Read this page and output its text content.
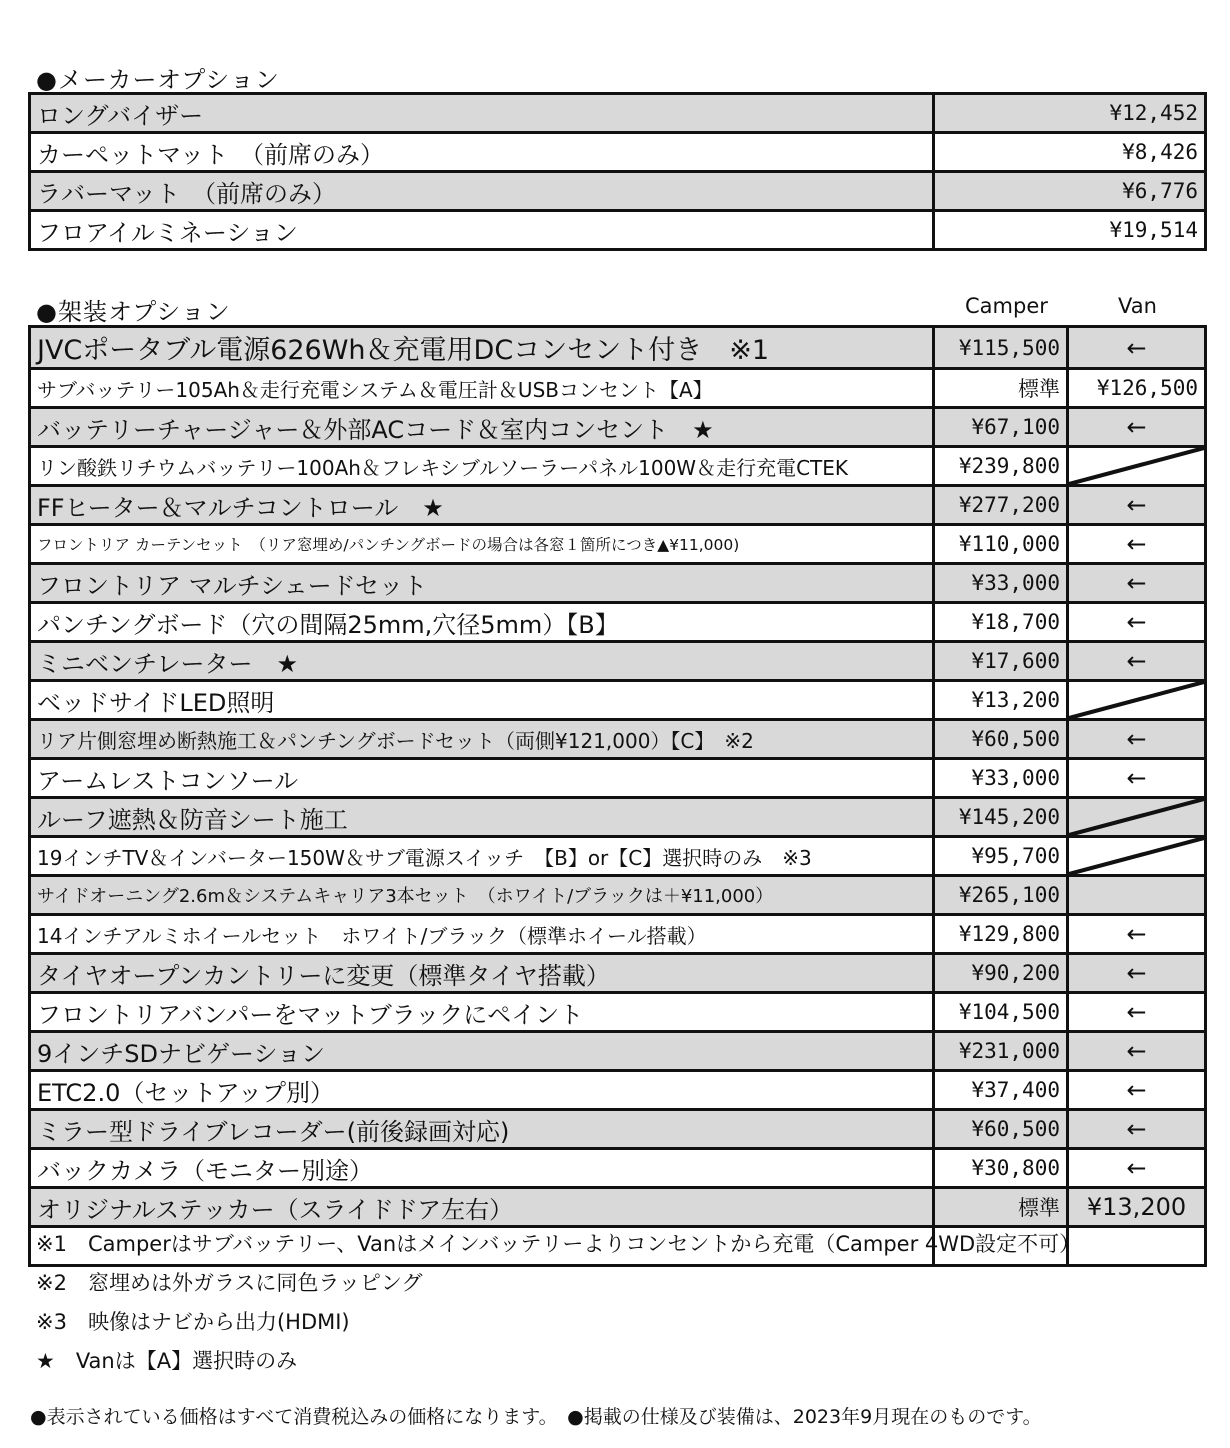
●メーカーオプション
ロングバイザー	¥12,452
カーペットマット　（前席のみ）	¥8,426
ラバーマット　（前席のみ）	¥6,776
フロアイルミネーション	¥19,514
●架装オプション	Camper	Van
JVCポータブル電源626Wh＆充電用DCコンセント付き　※1	¥115,500	←
サブバッテリー105Ah＆走行充電システム＆電圧計＆USBコンセント【A】	標準	¥126,500
バッテリーチャージャー＆外部ACコード＆室内コンセント　★	¥67,100	←
リン酸鉄リチウムバッテリー100Ah＆フレキシブルソーラーパネル100W＆走行充電CTEK	¥239,800	

FFヒーター＆マルチコントロール　★	¥277,200	←
フロントリア カーテンセット　（リア窓埋め/パンチングボードの場合は各窓１箇所につき▲¥11,000)	¥110,000	←
フロントリア マルチシェードセット	¥33,000	←
パンチングボード（穴の間隔25mm,穴径5mm）【B】	¥18,700	←
ミニベンチレーター　★	¥17,600	←
ベッドサイドLED照明	¥13,200	

リア片側窓埋め断熱施工＆パンチングボードセット（両側¥121,000）【C】　※2	¥60,500	←
アームレストコンソール	¥33,000	←
ルーフ遮熱＆防音シート施工	¥145,200	

19インチTV＆インバーター150W＆サブ電源スイッチ　【B】or【C】選択時のみ　※3	¥95,700	

サイドオーニング2.6m＆システムキャリア3本セット　（ホワイト/ブラックは＋¥11,000）	¥265,100	
14インチアルミホイールセット　ホワイト/ブラック（標準ホイール搭載）	¥129,800	←
タイヤオープンカントリーに変更（標準タイヤ搭載）	¥90,200	←
フロントリアバンパーをマットブラックにペイント	¥104,500	←
9インチSDナビゲーション	¥231,000	←
ETC2.0（セットアップ別）	¥37,400	←
ミラー型ドライブレコーダー(前後録画対応)	¥60,500	←
バックカメラ（モニター別途）	¥30,800	←
オリジナルステッカー（スライドドア左右）	標準	¥13,200

※1　Camperはサブバッテリー、Vanはメインバッテリーよりコンセントから充電（Camper 4WD設定不可）
※2　窓埋めは外ガラスに同色ラッピング
※3　映像はナビから出力(HDMI)
★　Vanは【A】選択時のみ
●表示されている価格はすべて消費税込みの価格になります。　●掲載の仕様及び装備は、2023年9月現在のものです。
